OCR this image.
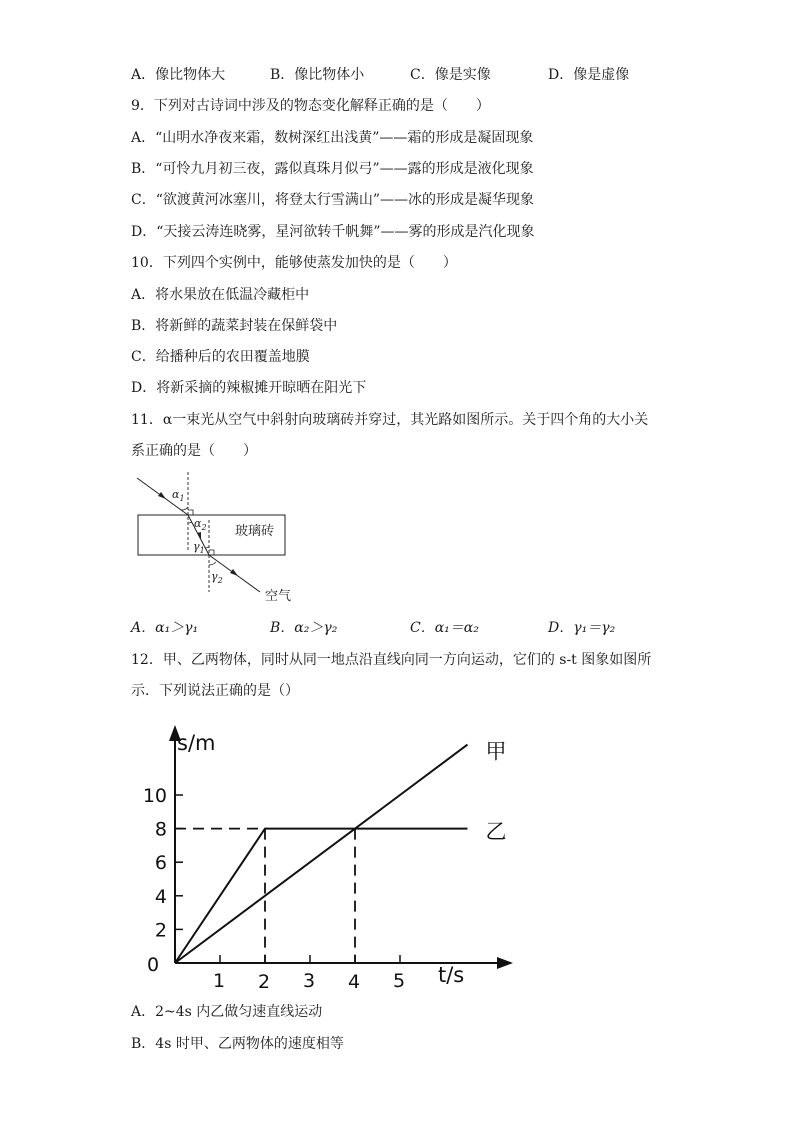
A．像比物体大	B．像比物体小	C．像是实像	D．像是虚像
9．下列对古诗词中涉及的物态变化解释正确的是（　　）
A．“山明水净夜来霜，数树深红出浅黄”——霜的形成是凝固现象
B．“可怜九月初三夜，露似真珠月似弓”——露的形成是液化现象
C．“欲渡黄河冰塞川，将登太行雪满山”——冰的形成是凝华现象
D．“天接云涛连晓雾，星河欲转千帆舞”——雾的形成是汽化现象
10．下列四个实例中，能够使蒸发加快的是（　　）
A．将水果放在低温冷藏柜中
B．将新鲜的蔬菜封装在保鲜袋中
C．给播种后的农田覆盖地膜
D．将新采摘的辣椒摊开晾晒在阳光下
11．α一束光从空气中斜射向玻璃砖并穿过，其光路如图所示。关于四个角的大小关
系正确的是（　　）
玻璃砖
$\alpha_1$
$\alpha_2$
$\gamma_1$
$\gamma_2$
空气
A．α₁＞γ₁	B．α₂＞γ₂	C．α₁＝α₂	D．γ₁＝γ₂
12．甲、乙两物体，同时从同一地点沿直线向同一方向运动，它们的 s-t 图象如图所
示．下列说法正确的是（）
s/m
t/s
0
2
4
6
8
10
1 2 3 4 5
甲
乙
A．2~4s 内乙做匀速直线运动
B．4s 时甲、乙两物体的速度相等
